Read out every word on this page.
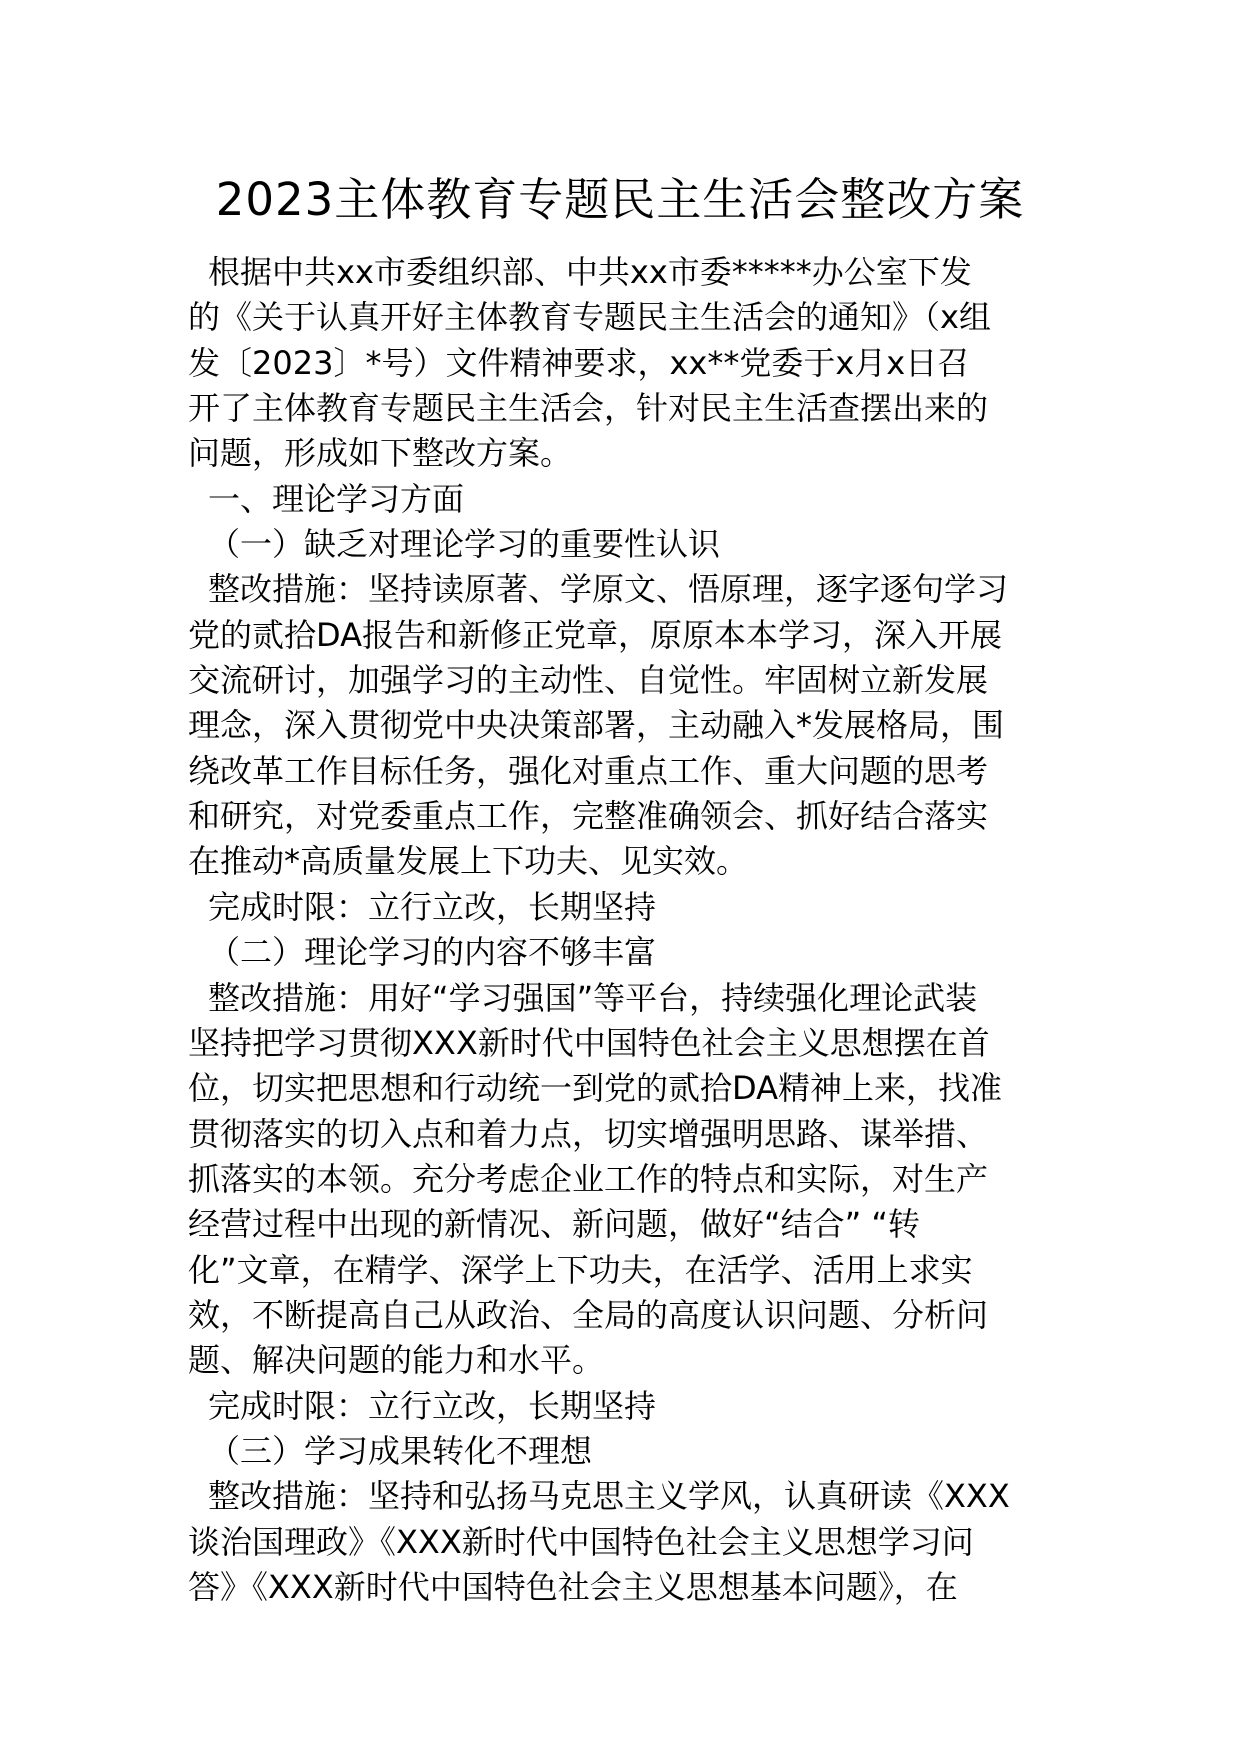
2023主体教育专题民主生活会整改方案
根据中共xx市委组织部、中共xx市委*****办公室下发
的《关于认真开好主体教育专题民主生活会的通知》（x组
发〔2023〕*号）文件精神要求，xx**党委于x月x日召
开了主体教育专题民主生活会，针对民主生活查摆出来的
问题，形成如下整改方案。
一、理论学习方面
（一）缺乏对理论学习的重要性认识
整改措施：坚持读原著、学原文、悟原理，逐字逐句学习
党的贰拾DA报告和新修正党章，原原本本学习，深入开展
交流研讨，加强学习的主动性、自觉性。牢固树立新发展
理念，深入贯彻党中央决策部署，主动融入*发展格局，围
绕改革工作目标任务，强化对重点工作、重大问题的思考
和研究，对党委重点工作，完整准确领会、抓好结合落实
在推动*高质量发展上下功夫、见实效。
完成时限：立行立改，长期坚持
（二）理论学习的内容不够丰富
整改措施：用好“学习强国”等平台，持续强化理论武装
坚持把学习贯彻XXX新时代中国特色社会主义思想摆在首
位，切实把思想和行动统一到党的贰拾DA精神上来，找准
贯彻落实的切入点和着力点，切实增强明思路、谋举措、
抓落实的本领。充分考虑企业工作的特点和实际，对生产
经营过程中出现的新情况、新问题，做好“结合” “转
化”文章，在精学、深学上下功夫，在活学、活用上求实
效，不断提高自己从政治、全局的高度认识问题、分析问
题、解决问题的能力和水平。
完成时限：立行立改，长期坚持
（三）学习成果转化不理想
整改措施：坚持和弘扬马克思主义学风，认真研读《XXX
谈治国理政》《XXX新时代中国特色社会主义思想学习问
答》《XXX新时代中国特色社会主义思想基本问题》，在
